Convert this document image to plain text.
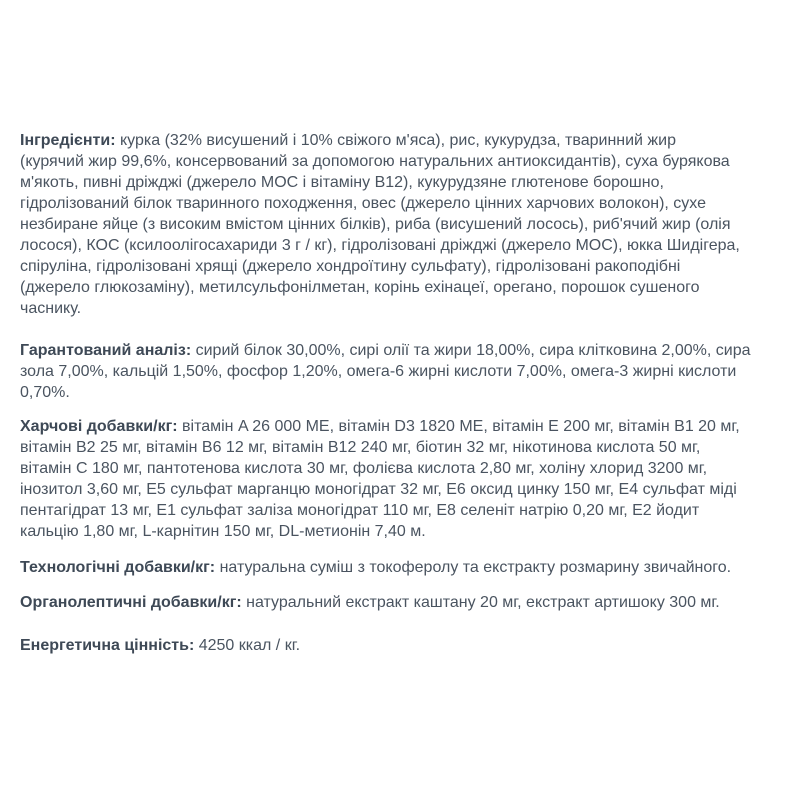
Інгредієнти: курка (32% висушений і 10% свіжого м'яса), рис, кукурудза, тваринний жир
(курячий жир 99,6%, консервований за допомогою натуральних антиоксидантів), суха бурякова
м'якоть, пивні дріжджі (джерело МОС і вітаміну B12), кукурудзяне глютенове борошно,
гідролізований білок тваринного походження, овес (джерело цінних харчових волокон), сухе
незбиране яйце (з високим вмістом цінних білків), риба (висушений лосось), риб'ячий жир (олія
лосося), КОС (ксилоолігосахариди 3 г / кг), гідролізовані дріжджі (джерело МОС), юкка Шидігера,
спіруліна, гідролізовані хрящі (джерело хондроїтину сульфату), гідролізовані ракоподібні
(джерело глюкозаміну), метилсульфонілметан, корінь ехінацеї, орегано, порошок сушеного
часнику.
Гарантований аналіз: сирий білок 30,00%, сирі олії та жири 18,00%, сира клітковина 2,00%, сира
зола 7,00%, кальцій 1,50%, фосфор 1,20%, омега-6 жирні кислоти 7,00%, омега-3 жирні кислоти
0,70%.
Харчові добавки/кг: вітамін A 26 000 МЕ, вітамін D3 1820 МЕ, вітамін E 200 мг, вітамін B1 20 мг,
вітамін B2 25 мг, вітамін B6 12 мг, вітамін B12 240 мг, біотин 32 мг, нікотинова кислота 50 мг,
вітамін C 180 мг, пантотенова кислота 30 мг, фолієва кислота 2,80 мг, холіну хлорид 3200 мг,
інозитол 3,60 мг, E5 сульфат марганцю моногідрат 32 мг, E6 оксид цинку 150 мг, E4 сульфат міді
пентагідрат 13 мг, E1 сульфат заліза моногідрат 110 мг, E8 селеніт натрію 0,20 мг, E2 йодит
кальцію 1,80 мг, L-карнітин 150 мг, DL-метионін 7,40 м.
Технологічні добавки/кг: натуральна суміш з токоферолу та екстракту розмарину звичайного.
Органолептичні добавки/кг: натуральний екстракт каштану 20 мг, екстракт артишоку 300 мг.
Енергетична цінність: 4250 ккал / кг.
